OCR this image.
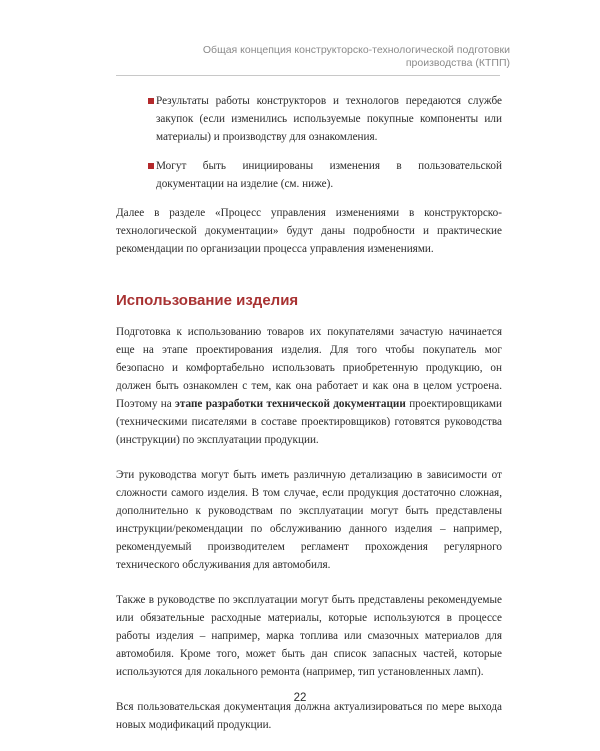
Общая концепция конструкторско-технологической подготовки
производства (КТПП)
Результаты работы конструкторов и технологов передаются службе закупок (если изменились используемые покупные компоненты или материалы) и производству для ознакомления.
Могут быть инициированы изменения в пользовательской документации на изделие (см. ниже).

Далее в разделе «Процесс управления изменениями в конструкторско-технологической документации» будут даны подробности и практические рекомендации по организации процесса управления изменениями.

Использование изделия

Подготовка к использованию товаров их покупателями зачастую начинается еще на этапе проектирования изделия. Для того чтобы покупатель мог безопасно и комфортабельно использовать приобретенную продукцию, он должен быть ознакомлен с тем, как она работает и как она в целом устроена. Поэтому на этапе разработки технической документации проектировщиками (техническими писателями в составе проектировщиков) готовятся руководства (инструкции) по эксплуатации продукции.

Эти руководства могут быть иметь различную детализацию в зависимости от сложности самого изделия. В том случае, если продукция достаточно сложная, дополнительно к руководствам по эксплуатации могут быть представлены инструкции/рекомендации по обслуживанию данного изделия – например, рекомендуемый производителем регламент прохождения регулярного технического обслуживания для автомобиля.

Также в руководстве по эксплуатации могут быть представлены рекомендуемые или обязательные расходные материалы, которые используются в процессе работы изделия – например, марка топлива или смазочных материалов для автомобиля. Кроме того, может быть дан список запасных частей, которые используются для локального ремонта (например, тип установленных ламп).

Вся пользовательская документация должна актуализироваться по мере выхода новых модификаций продукции.

22
